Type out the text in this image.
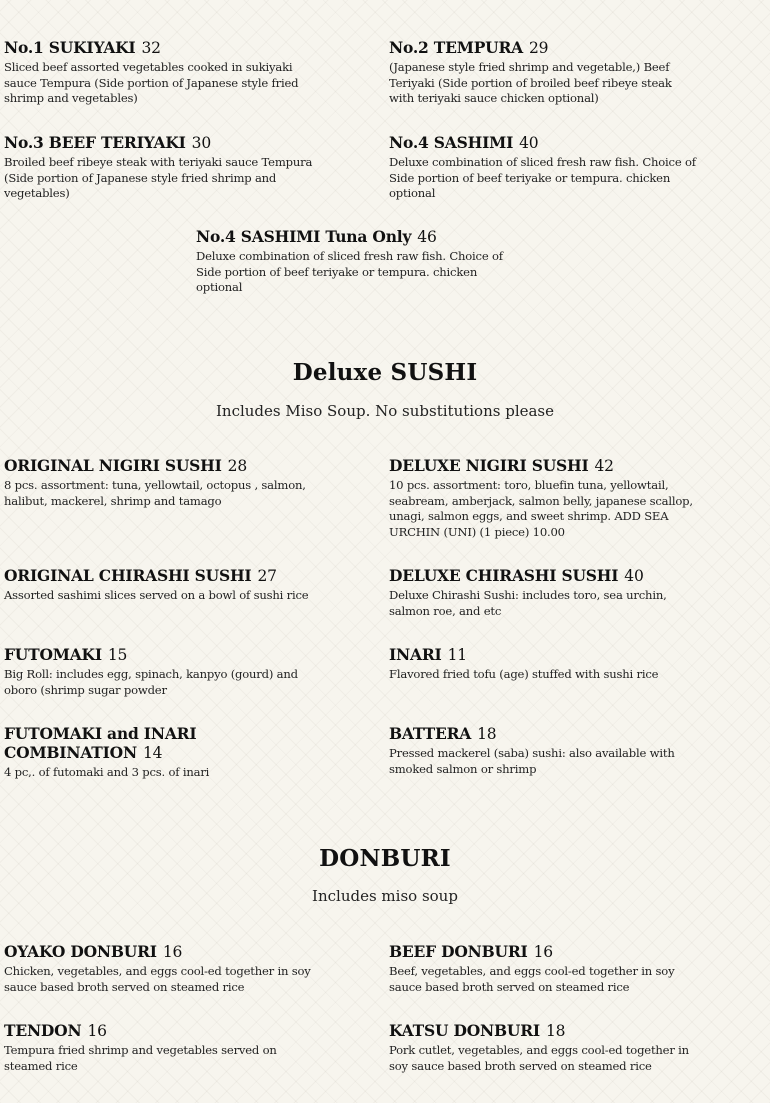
No.1 SUKIYAKI 32
Sliced beef assorted vegetables cooked in sukiyaki sauce Tempura (Side portion of Japanese style fried shrimp and vegetables)
No.2 TEMPURA 29
(Japanese style fried shrimp and vegetable,) Beef Teriyaki (Side portion of broiled beef ribeye steak with teriyaki sauce chicken optional)
No.3 BEEF TERIYAKI 30
Broiled beef ribeye steak with teriyaki sauce Tempura (Side portion of Japanese style fried shrimp and vegetables)
No.4 SASHIMI 40
Deluxe combination of sliced fresh raw fish. Choice of Side portion of beef teriyake or tempura. chicken optional
No.4 SASHIMI Tuna Only 46
Deluxe combination of sliced fresh raw fish. Choice of Side portion of beef teriyake or tempura. chicken optional
Deluxe SUSHI
Includes Miso Soup. No substitutions please
ORIGINAL NIGIRI SUSHI 28
8 pcs. assortment: tuna, yellowtail, octopus , salmon, halibut, mackerel, shrimp and tamago
DELUXE NIGIRI SUSHI 42
10 pcs. assortment: toro, bluefin tuna, yellowtail, seabream, amberjack, salmon belly, japanese scallop, unagi, salmon eggs, and sweet shrimp. ADD SEA URCHIN (UNI) (1 piece) 10.00
ORIGINAL CHIRASHI SUSHI 27
Assorted sashimi slices served on a bowl of sushi rice
DELUXE CHIRASHI SUSHI 40
Deluxe Chirashi Sushi: includes toro, sea urchin, salmon roe, and etc
FUTOMAKI 15
Big Roll: includes egg, spinach, kanpyo (gourd) and oboro (shrimp sugar powder
INARI 11
Flavored fried tofu (age) stuffed with sushi rice
FUTOMAKI and INARI COMBINATION 14
4 pc,. of futomaki and 3 pcs. of inari
BATTERA 18
Pressed mackerel (saba) sushi: also available with smoked salmon or shrimp
DONBURI
Includes miso soup
OYAKO DONBURI 16
Chicken, vegetables, and eggs cool-ed together in soy sauce based broth served on steamed rice
BEEF DONBURI 16
Beef, vegetables, and eggs cool-ed together in soy sauce based broth served on steamed rice
TENDON 16
Tempura fried shrimp and vegetables served on steamed rice
KATSU DONBURI 18
Pork cutlet, vegetables, and eggs cool-ed together in soy sauce based broth served on steamed rice
